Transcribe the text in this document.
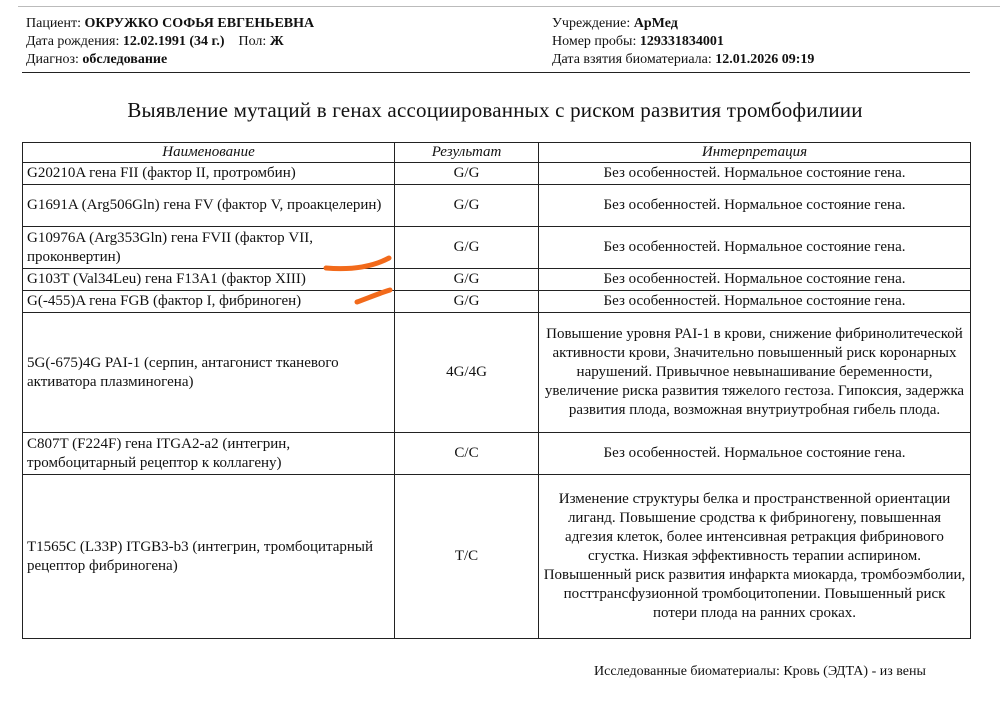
Пациент: ОКРУЖКО СОФЬЯ ЕВГЕНЬЕВНА
Дата рождения: 12.02.1991 (34 г.) Пол: Ж
Диагноз: обследование
Учреждение: АрМед
Номер пробы: 129331834001
Дата взятия биоматериала: 12.01.2026 09:19
Выявление мутаций в генах ассоциированных с риском развития тромбофилиии
Наименование	Результат	Интерпретация
G20210A гена FII (фактор II, протромбин)	G/G	Без особенностей. Нормальное состояние гена.
G1691A (Arg506Gln) гена FV (фактор V, проакцелерин)	G/G	Без особенностей. Нормальное состояние гена.
G10976A (Arg353Gln) гена FVII (фактор VII, проконвертин)	G/G	Без особенностей. Нормальное состояние гена.
G103T (Val34Leu) гена F13A1 (фактор XIII)	G/G	Без особенностей. Нормальное состояние гена.
G(-455)A гена FGB (фактор I, фибриноген)	G/G	Без особенностей. Нормальное состояние гена.
5G(-675)4G PAI-1 (серпин, антагонист тканевого активатора плазминогена)	4G/4G	Повышение уровня PAI-1 в крови, снижение фибринолитечеcкой активности крови, Значительно повышенный риск коронарных нарушений. Привычное невынашивание беременности, увеличение риска развития тяжелого гестоза. Гипоксия, задержка развития плода, возможная внутриутробная гибель плода.
C807T (F224F) гена ITGA2-a2 (интегрин, тромбоцитарный рецептор к коллагену)	C/C	Без особенностей. Нормальное состояние гена.
T1565C (L33P) ITGB3-b3 (интегрин, тромбоцитарный рецептор фибриногена)	T/C	Изменение структуры белка и пространственной ориентации лиганд. Повышение сродства к фибриногену, повышенная адгезия клеток, более интенсивная ретракция фибринового сгустка. Низкая эффективность терапии аспирином. Повышенный риск развития инфаркта миокарда, тромбоэмболии, посттрансфузионной тромбоцитопении. Повышенный риск потери плода на ранних сроках.
Исследованные биоматериалы: Кровь (ЭДТА) - из вены
